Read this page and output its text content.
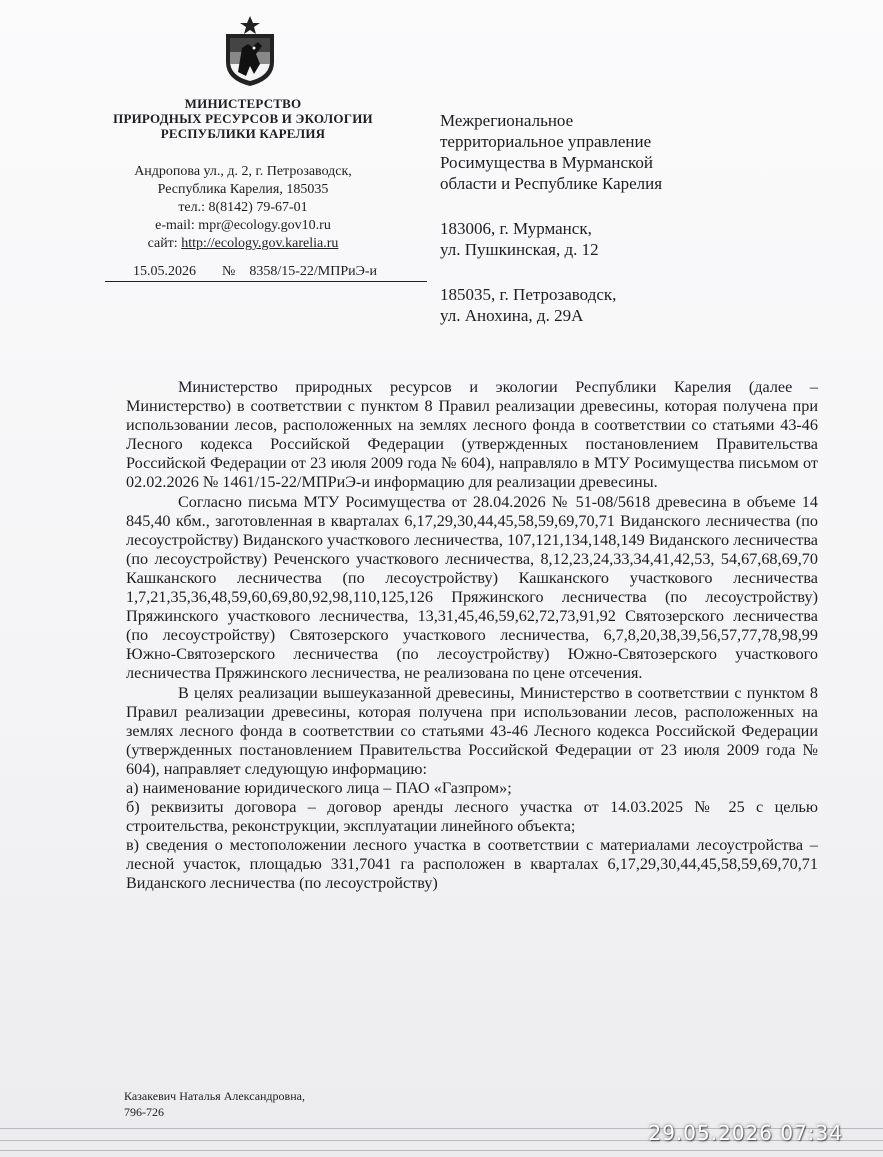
МИНИСТЕРСТВО
ПРИРОДНЫХ РЕСУРСОВ И ЭКОЛОГИИ
РЕСПУБЛИКИ КАРЕЛИЯ
Андропова ул., д. 2, г. Петрозаводск,
Республика Карелия, 185035
тел.: 8(8142) 79-67-01
e-mail: mpr@ecology.gov10.ru
сайт: http://ecology.gov.karelia.ru
15.05.2026 № 8358/15-22/МПРиЭ-и
Межрегиональное
территориальное управление
Росимущества в Мурманской
области и Республике Карелия
183006, г. Мурманск,
ул. Пушкинская, д. 12
185035, г. Петрозаводск,
ул. Анохина, д. 29А

Министерство природных ресурсов и экологии Республики Карелия (далее – Министерство) в соответствии с пунктом 8 Правил реализации древесины, которая получена при использовании лесов, расположенных на землях лесного фонда в соответствии со статьями 43-46 Лесного кодекса Российской Федерации (утвержденных постановлением Правительства Российской Федерации от 23 июля 2009 года № 604), направляло в МТУ Росимущества письмом от 02.02.2026 № 1461/15-22/МПРиЭ-и информацию для реализации древесины.

Согласно письма МТУ Росимущества от 28.04.2026 № 51-08/5618 древесина в объеме 14 845,40 кбм., заготовленная в кварталах 6,17,29,30,44,45,58,59,69,70,71 Виданского лесничества (по лесоустройству) Виданского участкового лесничества, 107,121,134,148,149 Виданского лесничества (по лесоустройству) Реченского участкового лесничества, 8,12,23,24,33,34,41,42,53, 54,67,68,69,70 Кашканского лесничества (по лесоустройству) Кашканского участкового лесничества 1,7,21,35,36,48,59,60,69,80,92,98,110,125,126 Пряжинского лесничества (по лесоустройству) Пряжинского участкового лесничества, 13,31,45,46,59,62,72,73,91,92 Святозерского лесничества (по лесоустройству) Святозерского участкового лесничества, 6,7,8,20,38,39,56,57,77,78,98,99 Южно-Святозерского лесничества (по лесоустройству) Южно-Святозерского участкового лесничества Пряжинского лесничества, не реализована по цене отсечения.

В целях реализации вышеуказанной древесины, Министерство в соответствии с пунктом 8 Правил реализации древесины, которая получена при использовании лесов, расположенных на землях лесного фонда в соответствии со статьями 43-46 Лесного кодекса Российской Федерации (утвержденных постановлением Правительства Российской Федерации от 23 июля 2009 года № 604), направляет следующую информацию:

а) наименование юридического лица – ПАО «Газпром»;

б) реквизиты договора – договор аренды лесного участка от 14.03.2025 № 25 с целью строительства, реконструкции, эксплуатации линейного объекта;

в) сведения о местоположении лесного участка в соответствии с материалами лесоустройства – лесной участок, площадью 331,7041 га расположен в кварталах 6,17,29,30,44,45,58,59,69,70,71 Виданского лесничества (по лесоустройству)

Казакевич Наталья Александровна,
796-726
29.05.2026 07:34
